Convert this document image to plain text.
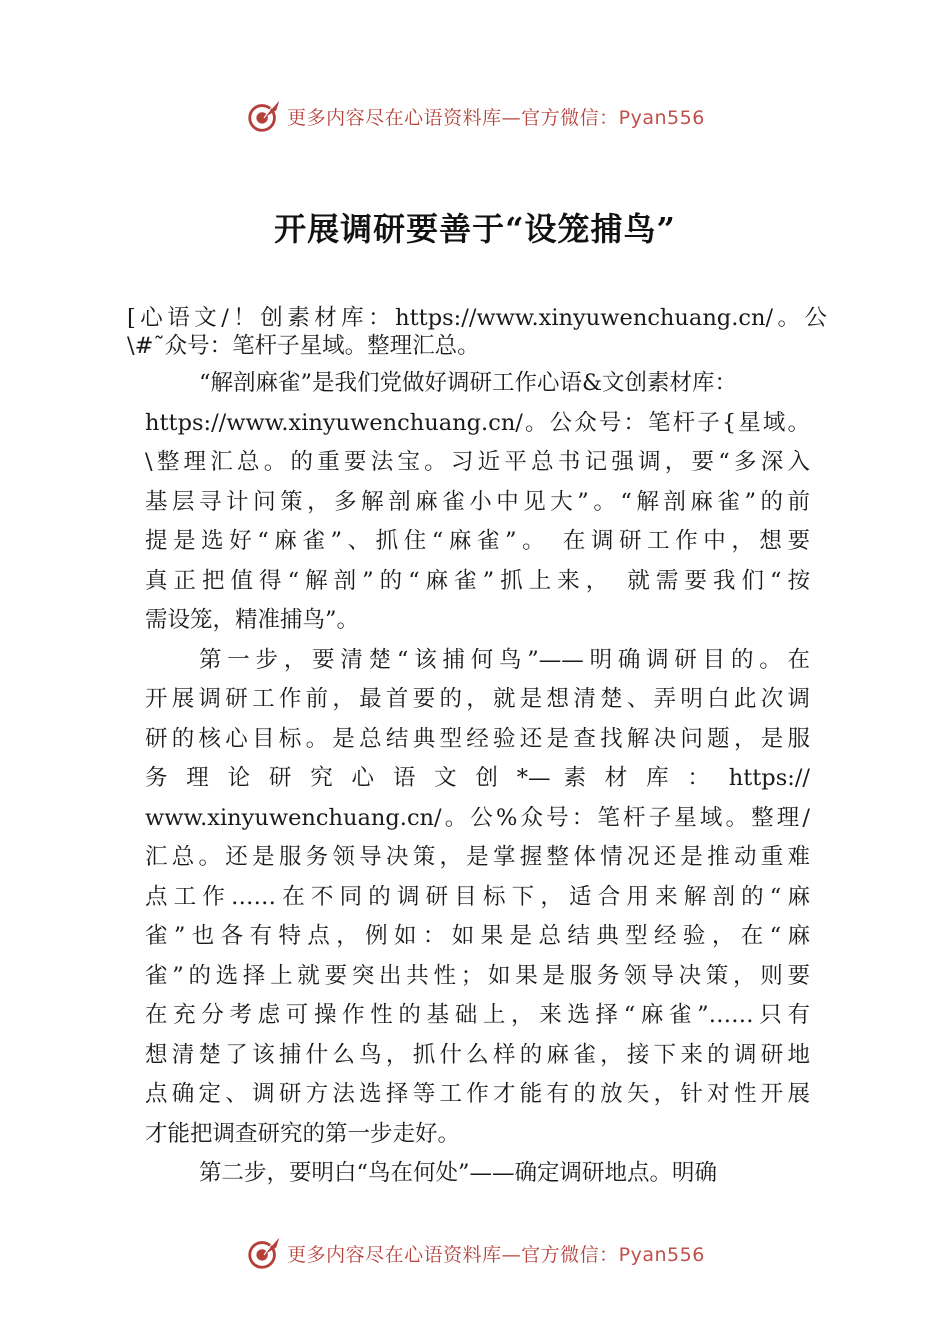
更多内容尽在心语资料库—官方微信：Pyan556
开展调研要善于“设笼捕鸟”
[心语文/！创素材库：https://www.xinyuwenchuang.cn/。公
\#˜众号：笔杆子星域。整理汇总。
“解剖麻雀”是我们党做好调研工作心语&文创素材库：
https://www.xinyuwenchuang.cn/。公众号：笔杆子{星域。
\整理汇总。的重要法宝。习近平总书记强调，要“多深入
基层寻计问策，多解剖麻雀小中见大”。“解剖麻雀”的前
提是选好“麻雀”、抓住“麻雀”。 在调研工作中，想要
真正把值得“解剖”的“麻雀”抓上来， 就需要我们“按
需设笼，精准捕鸟”。
第一步，要清楚“该捕何鸟”——明确调研目的。在
开展调研工作前，最首要的，就是想清楚、弄明白此次调
研的核心目标。是总结典型经验还是查找解决问题，是服
务 理 论 研 究 心 语 文 创 *— 素 材 库 ： https://
www.xinyuwenchuang.cn/。公%众号：笔杆子星域。整理/
汇总。还是服务领导决策，是掌握整体情况还是推动重难
点工作……在不同的调研目标下，适合用来解剖的“麻
雀”也各有特点，例如：如果是总结典型经验，在“麻
雀”的选择上就要突出共性；如果是服务领导决策，则要
在充分考虑可操作性的基础上，来选择“麻雀”……只有
想清楚了该捕什么鸟，抓什么样的麻雀，接下来的调研地
点确定、调研方法选择等工作才能有的放矢，针对性开展
才能把调查研究的第一步走好。
第二步，要明白“鸟在何处”——确定调研地点。明确
更多内容尽在心语资料库—官方微信：Pyan556
